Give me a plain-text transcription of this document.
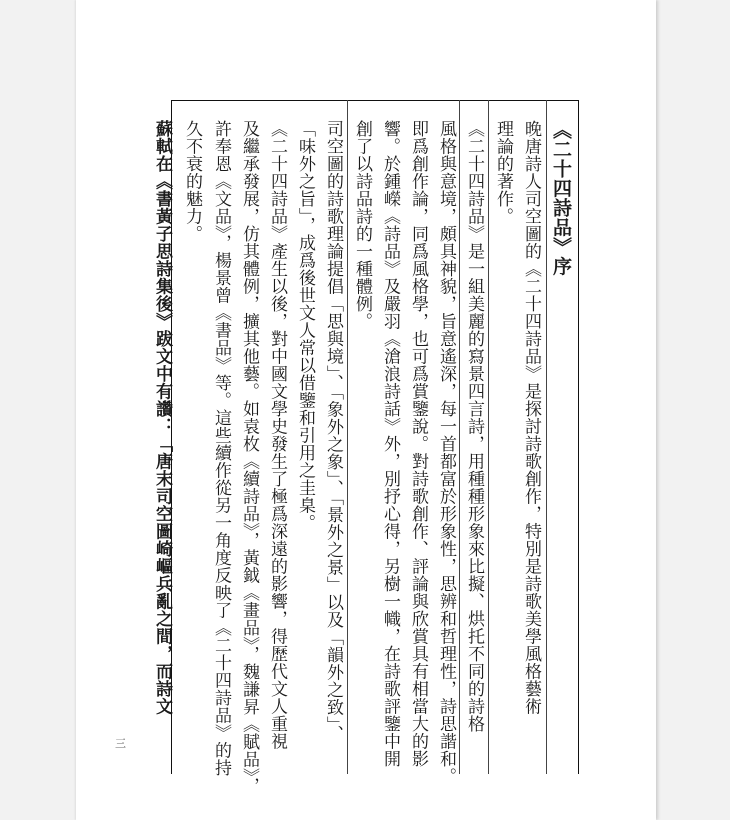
《二十四詩品》序
晚唐詩人司空圖的《二十四詩品》是探討詩歌創作，特別是詩歌美學風格藝術
理論的著作。
《二十四詩品》是一組美麗的寫景四言詩，用種種形象來比擬、烘托不同的詩格
風格與意境，頗具神貌，旨意遙深，每一首都富於形象性，思辨和哲理性，詩思諧和。
即爲創作論，同爲風格學，也可爲賞鑒說。對詩歌創作、評論與欣賞具有相當大的影
響。於鍾嶸《詩品》及嚴羽《滄浪詩話》外，別抒心得，另樹一幟，在詩歌評鑒中開
創了以詩品詩的一種體例。
司空圖的詩歌理論提倡「思與境」、「象外之象」、「景外之景」以及「韻外之致」、
「味外之旨」，成爲後世文人常以借鑒和引用之圭臬。
《二十四詩品》產生以後，對中國文學史發生了極爲深遠的影響，得歷代文人重視
及繼承發展，仿其體例，擴其他藝。如袁枚《續詩品》，黃鉞《畫品》，魏謙昇《賦品》，
許奉恩《文品》，楊景曾《書品》等。這些續作從另一角度反映了《二十四詩品》的持
久不衰的魅力。
蘇軾在《書黃子思詩集後》跋文中有讚：「唐末司空圖崎嶇兵亂之間，而詩文
三
